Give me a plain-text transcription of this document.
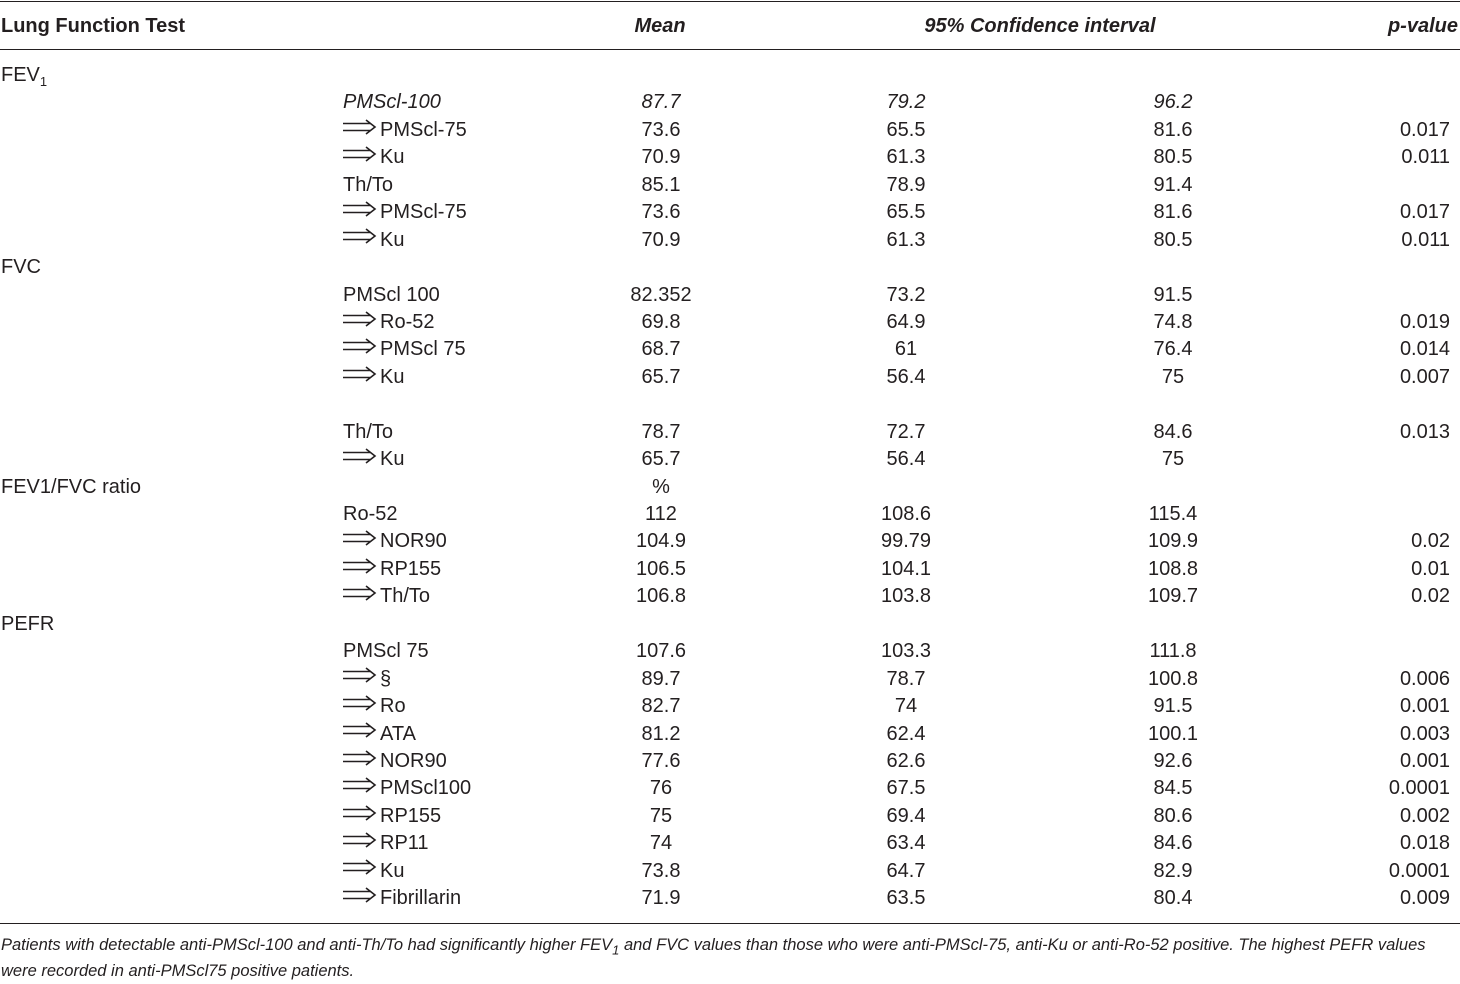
Lung Function Test	Mean	95% Confidence interval	p-value
$FEV_1$
PMScl-100	87.7	79.2	96.2
PMScl-75	73.6	65.5	81.6	0.017
Ku	70.9	61.3	80.5	0.011
Th/To	85.1	78.9	91.4
PMScl-75	73.6	65.5	81.6	0.017
Ku	70.9	61.3	80.5	0.011
FVC
PMScl 100	82.352	73.2	91.5
Ro-52	69.8	64.9	74.8	0.019
PMScl 75	68.7	61	76.4	0.014
Ku	65.7	56.4	75	0.007
Th/To	78.7	72.7	84.6	0.013
Ku	65.7	56.4	75
FEV1/FVC ratio	%
Ro-52	112	108.6	115.4
NOR90	104.9	99.79	109.9	0.02
RP155	106.5	104.1	108.8	0.01
Th/To	106.8	103.8	109.7	0.02
PEFR
PMScl 75	107.6	103.3	111.8
§	89.7	78.7	100.8	0.006
Ro	82.7	74	91.5	0.001
ATA	81.2	62.4	100.1	0.003
NOR90	77.6	62.6	92.6	0.001
PMScl100	76	67.5	84.5	0.0001
RP155	75	69.4	80.6	0.002
RP11	74	63.4	84.6	0.018
Ku	73.8	64.7	82.9	0.0001
Fibrillarin	71.9	63.5	80.4	0.009
Patients with detectable anti-PMScl-100 and anti-Th/To had significantly higher $FEV_1$ and FVC values than those who were anti-PMScl-75, anti-Ku or anti-Ro-52 positive. The highest PEFR values were recorded in anti-PMScl75 positive patients.
